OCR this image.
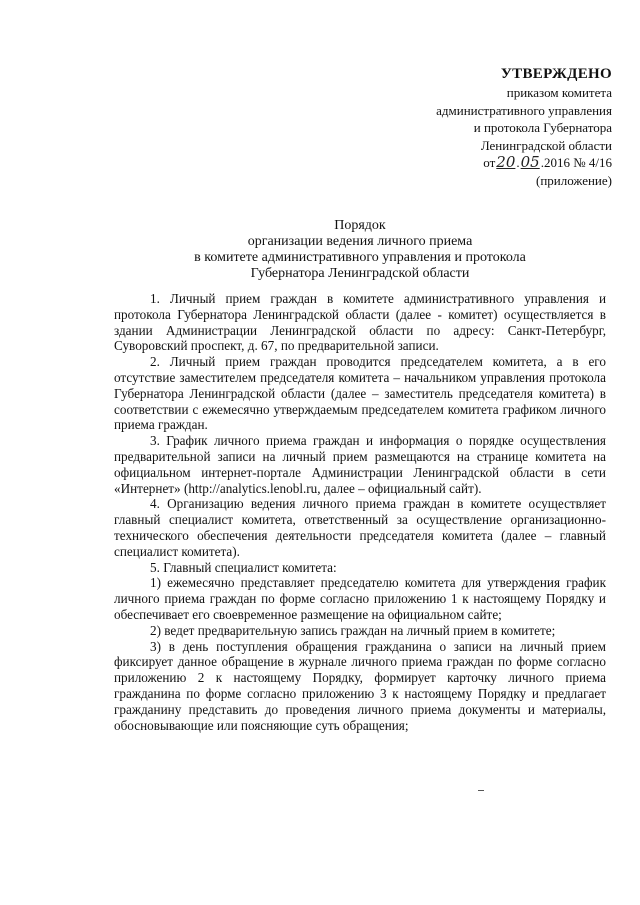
УТВЕРЖДЕНО
приказом комитета
административного управления
и протокола Губернатора
Ленинградской области
от20.05.2016 № 4/16
(приложение)
Порядок
организации ведения личного приема
в комитете административного управления и протокола
Губернатора Ленинградской области

1. Личный прием граждан в комитете административного управления и протокола Губернатора Ленинградской области (далее - комитет) осуществляется в здании Администрации Ленинградской области по адресу: Санкт-Петербург, Суворовский проспект, д. 67, по предварительной записи.

2. Личный прием граждан проводится председателем комитета, а в его отсутствие заместителем председателя комитета – начальником управления протокола Губернатора Ленинградской области (далее – заместитель председателя комитета) в соответствии с ежемесячно утверждаемым председателем комитета графиком личного приема граждан.

3. График личного приема граждан и информация о порядке осуществления предварительной записи на личный прием размещаются на странице комитета на официальном интернет-портале Администрации Ленинградской области в сети «Интернет» (http://analytics.lenobl.ru, далее – официальный сайт).

4. Организацию ведения личного приема граждан в комитете осуществляет главный специалист комитета, ответственный за осуществление организационно-технического обеспечения деятельности председателя комитета (далее – главный специалист комитета).

5. Главный специалист комитета:

1) ежемесячно представляет председателю комитета для утверждения график личного приема граждан по форме согласно приложению 1 к настоящему Порядку и обеспечивает его своевременное размещение на официальном сайте;

2) ведет предварительную запись граждан на личный прием в комитете;

3) в день поступления обращения гражданина о записи на личный прием фиксирует данное обращение в журнале личного приема граждан по форме согласно приложению 2 к настоящему Порядку, формирует карточку личного приема гражданина по форме согласно приложению 3 к настоящему Порядку и предлагает гражданину представить до проведения личного приема документы и материалы, обосновывающие или поясняющие суть обращения;
